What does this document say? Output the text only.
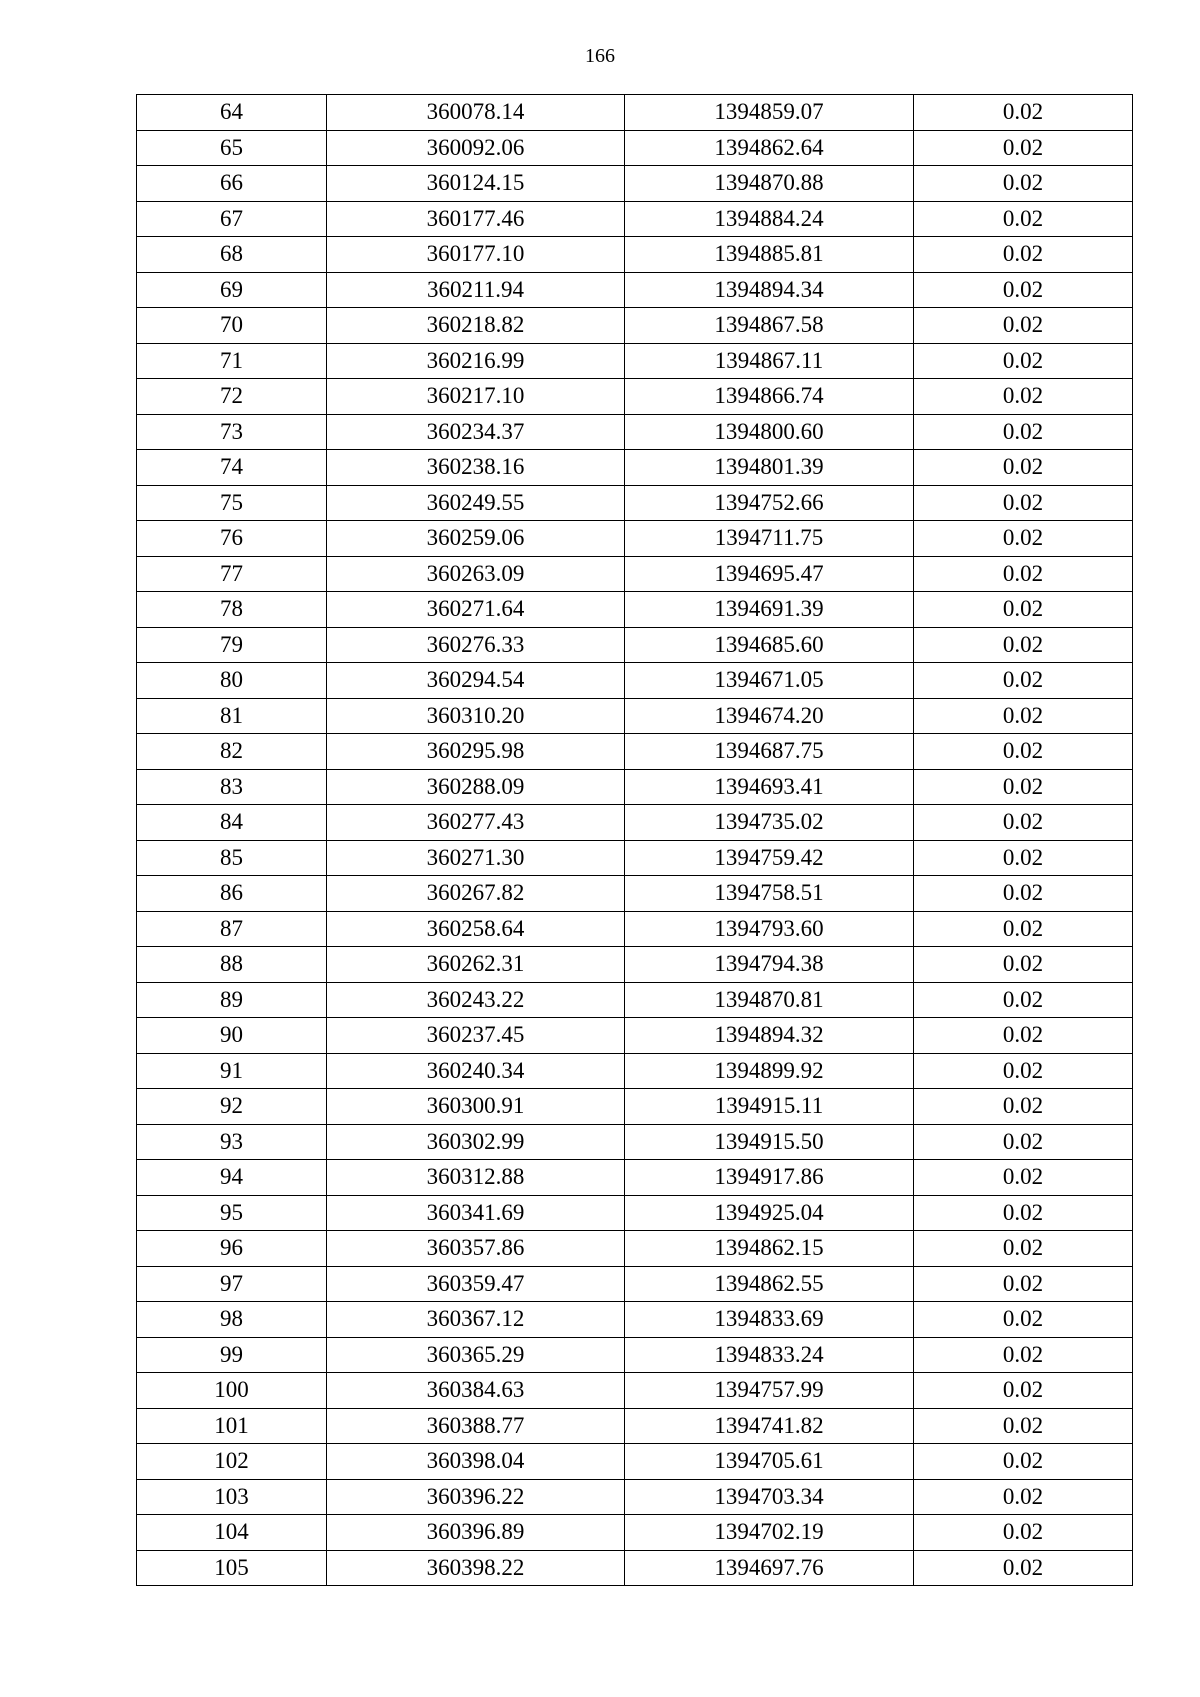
166
64	360078.14	1394859.07	0.02
65	360092.06	1394862.64	0.02
66	360124.15	1394870.88	0.02
67	360177.46	1394884.24	0.02
68	360177.10	1394885.81	0.02
69	360211.94	1394894.34	0.02
70	360218.82	1394867.58	0.02
71	360216.99	1394867.11	0.02
72	360217.10	1394866.74	0.02
73	360234.37	1394800.60	0.02
74	360238.16	1394801.39	0.02
75	360249.55	1394752.66	0.02
76	360259.06	1394711.75	0.02
77	360263.09	1394695.47	0.02
78	360271.64	1394691.39	0.02
79	360276.33	1394685.60	0.02
80	360294.54	1394671.05	0.02
81	360310.20	1394674.20	0.02
82	360295.98	1394687.75	0.02
83	360288.09	1394693.41	0.02
84	360277.43	1394735.02	0.02
85	360271.30	1394759.42	0.02
86	360267.82	1394758.51	0.02
87	360258.64	1394793.60	0.02
88	360262.31	1394794.38	0.02
89	360243.22	1394870.81	0.02
90	360237.45	1394894.32	0.02
91	360240.34	1394899.92	0.02
92	360300.91	1394915.11	0.02
93	360302.99	1394915.50	0.02
94	360312.88	1394917.86	0.02
95	360341.69	1394925.04	0.02
96	360357.86	1394862.15	0.02
97	360359.47	1394862.55	0.02
98	360367.12	1394833.69	0.02
99	360365.29	1394833.24	0.02
100	360384.63	1394757.99	0.02
101	360388.77	1394741.82	0.02
102	360398.04	1394705.61	0.02
103	360396.22	1394703.34	0.02
104	360396.89	1394702.19	0.02
105	360398.22	1394697.76	0.02
